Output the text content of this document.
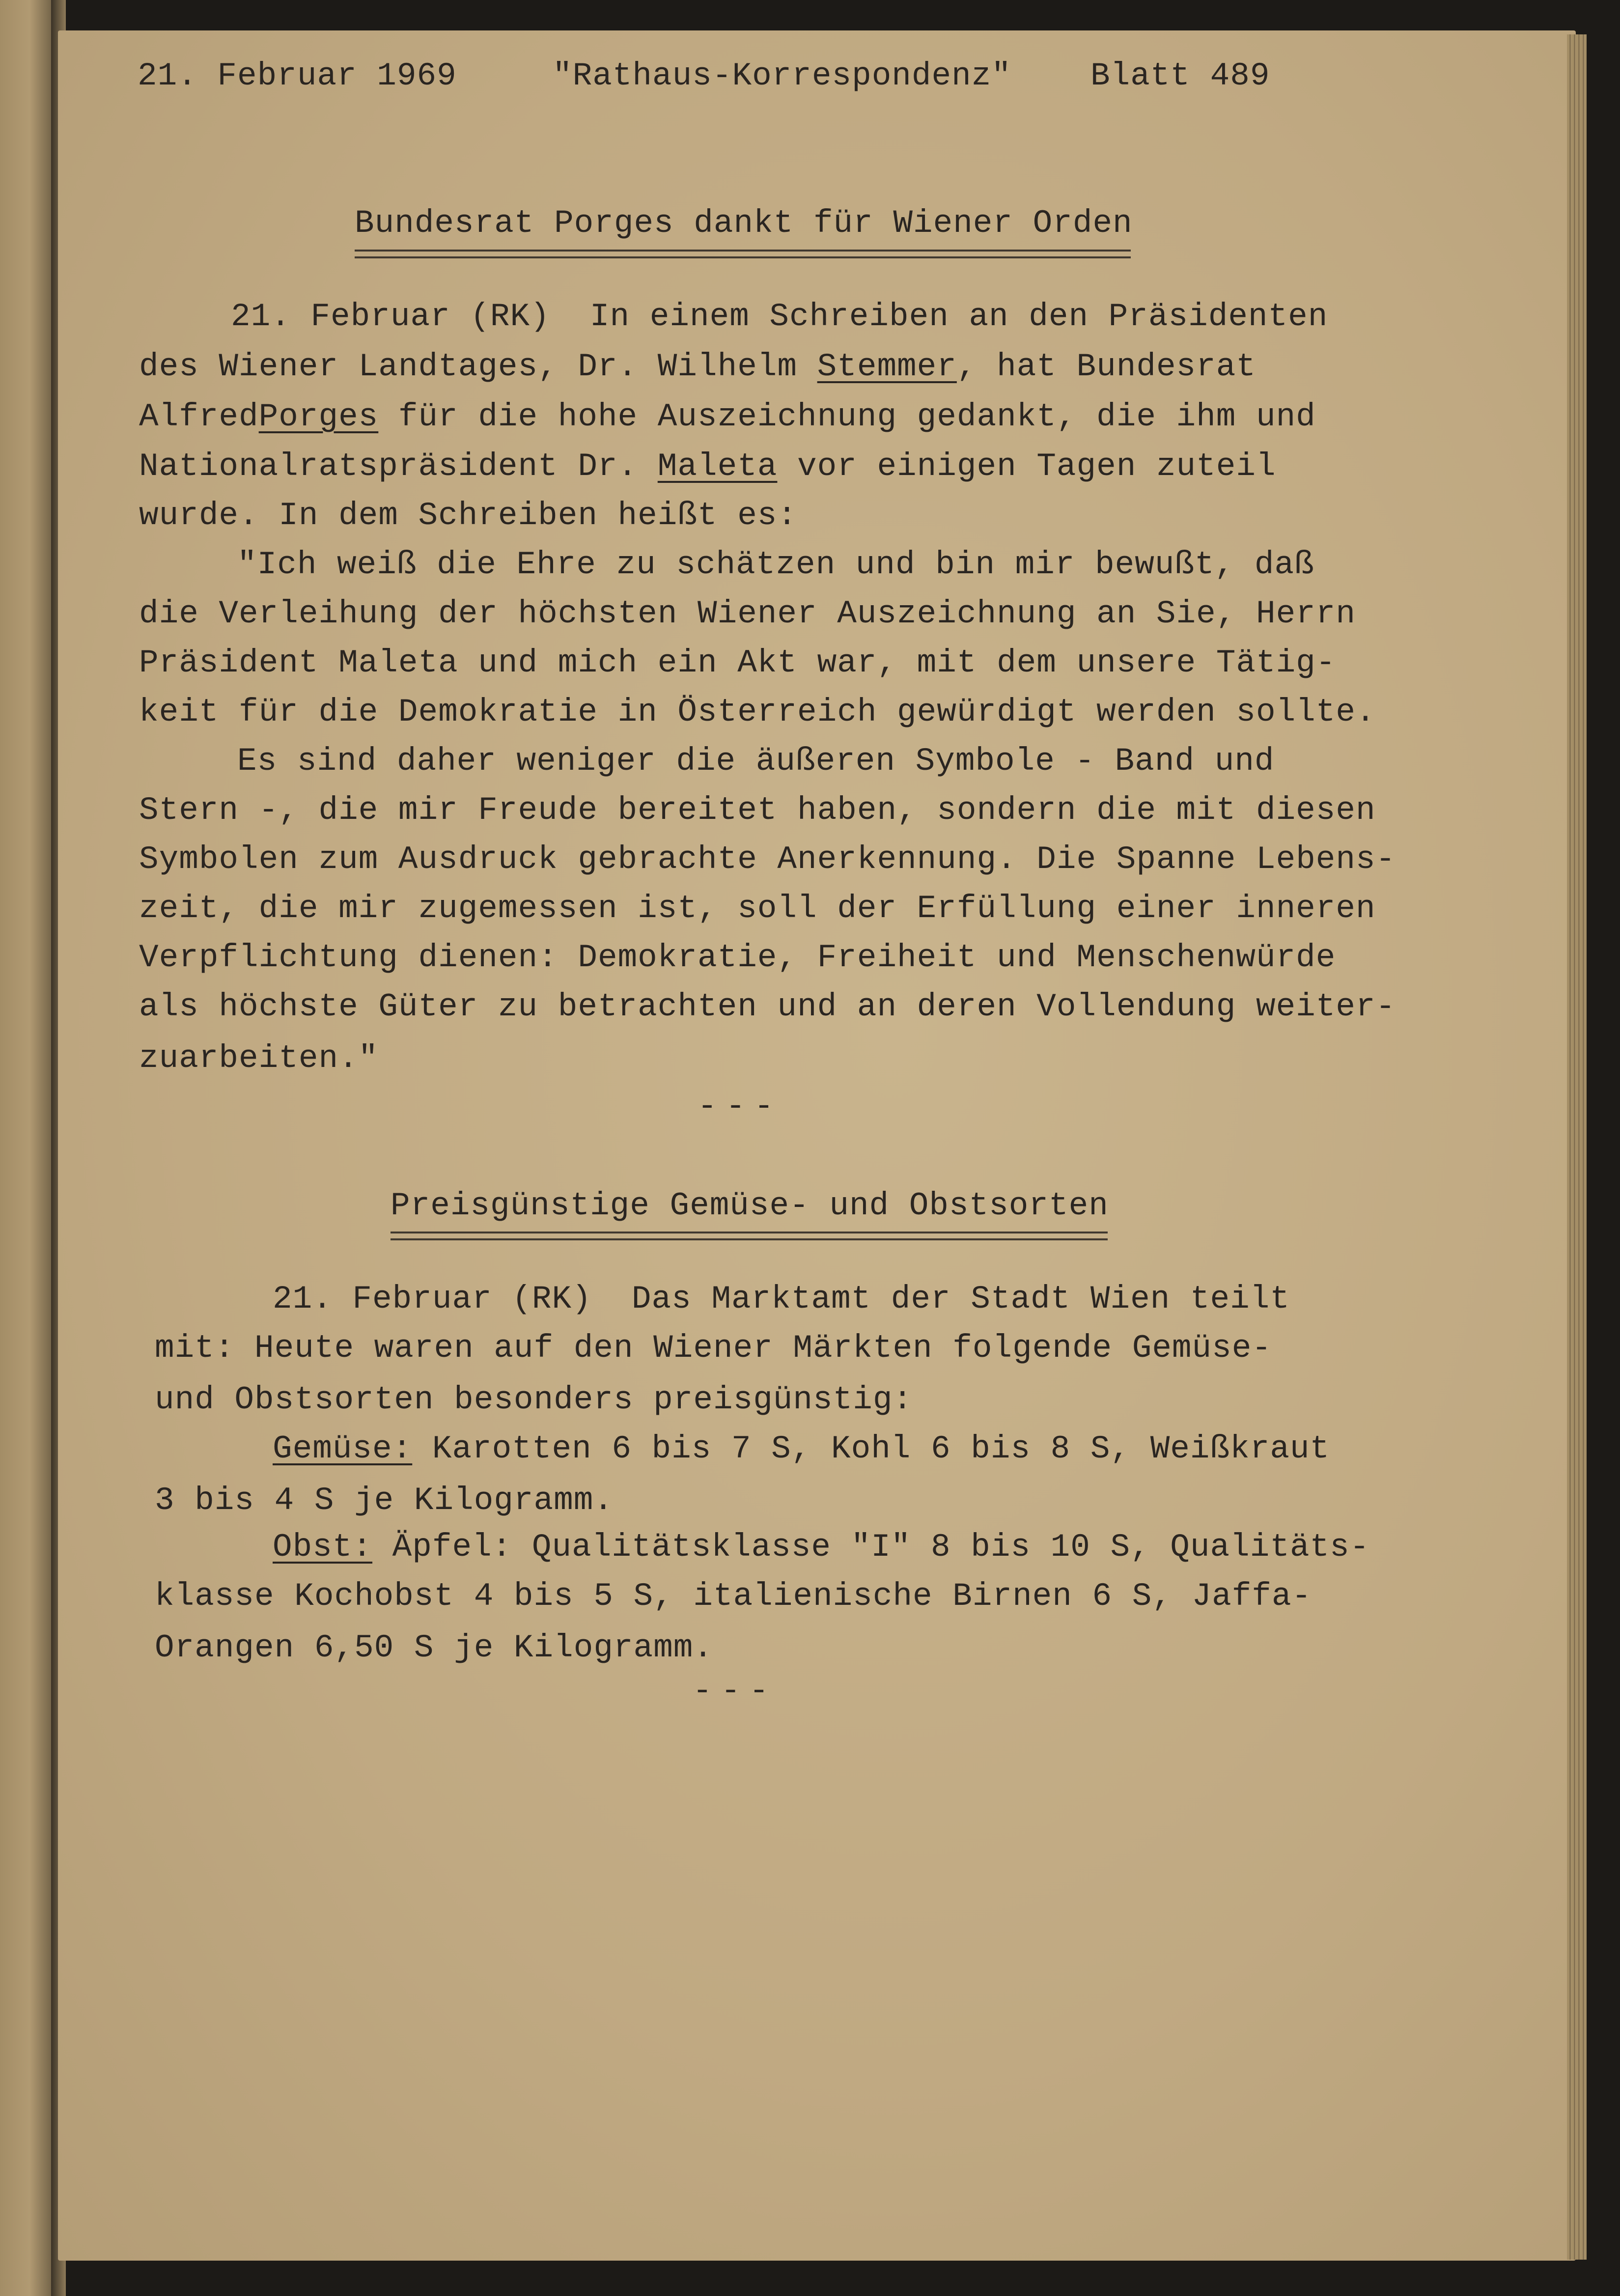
21. Februar 1969	"Rathaus-Korrespondenz" Blatt 489
Bundesrat Porges dankt für Wiener Orden
21. Februar (RK)  In einem Schreiben an den Präsidenten
des Wiener Landtages, Dr. Wilhelm Stemmer, hat Bundesrat
AlfredPorges für die hohe Auszeichnung gedankt, die ihm und
Nationalratspräsident Dr. Maleta vor einigen Tagen zuteil
wurde. In dem Schreiben heißt es:
"Ich weiß die Ehre zu schätzen und bin mir bewußt, daß
die Verleihung der höchsten Wiener Auszeichnung an Sie, Herrn
Präsident Maleta und mich ein Akt war, mit dem unsere Tätig-
keit für die Demokratie in Österreich gewürdigt werden sollte.
Es sind daher weniger die äußeren Symbole - Band und
Stern -, die mir Freude bereitet haben, sondern die mit diesen
Symbolen zum Ausdruck gebrachte Anerkennung. Die Spanne Lebens-
zeit, die mir zugemessen ist, soll der Erfüllung einer inneren
Verpflichtung dienen: Demokratie, Freiheit und Menschenwürde
als höchste Güter zu betrachten und an deren Vollendung weiter-
zuarbeiten."
---
Preisgünstige Gemüse- und Obstsorten
21. Februar (RK)  Das Marktamt der Stadt Wien teilt
mit: Heute waren auf den Wiener Märkten folgende Gemüse-
und Obstsorten besonders preisgünstig:
Gemüse: Karotten 6 bis 7 S, Kohl 6 bis 8 S, Weißkraut
3 bis 4 S je Kilogramm.
Obst: Äpfel: Qualitätsklasse "I" 8 bis 10 S, Qualitäts-
klasse Kochobst 4 bis 5 S, italienische Birnen 6 S, Jaffa-
Orangen 6,50 S je Kilogramm.
---
